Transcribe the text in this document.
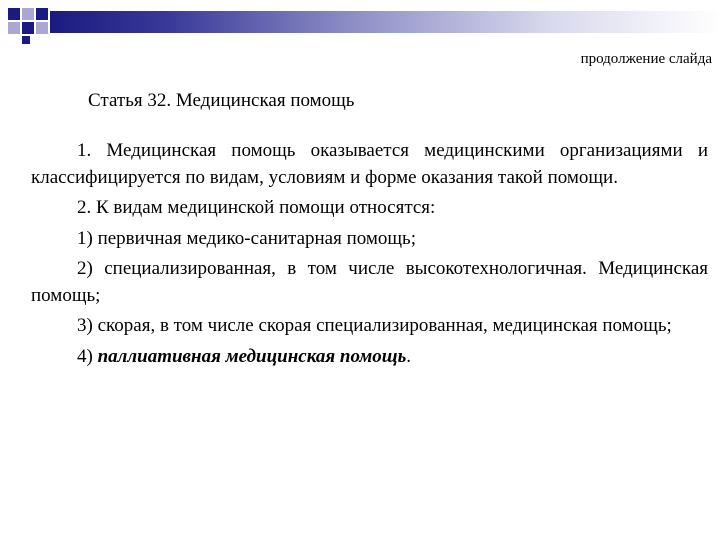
продолжение слайда
Статья 32. Медицинская помощь

1. Медицинская помощь оказывается медицинскими организациями и классифицируется по видам, условиям и форме оказания такой помощи.

2. К видам медицинской помощи относятся:

1) первичная медико-санитарная помощь;

2) специализированная, в том числе высокотехнологичная. Медицинская помощь;

3) скорая, в том числе скорая специализированная, медицинская помощь;

4) паллиативная медицинская помощь.
